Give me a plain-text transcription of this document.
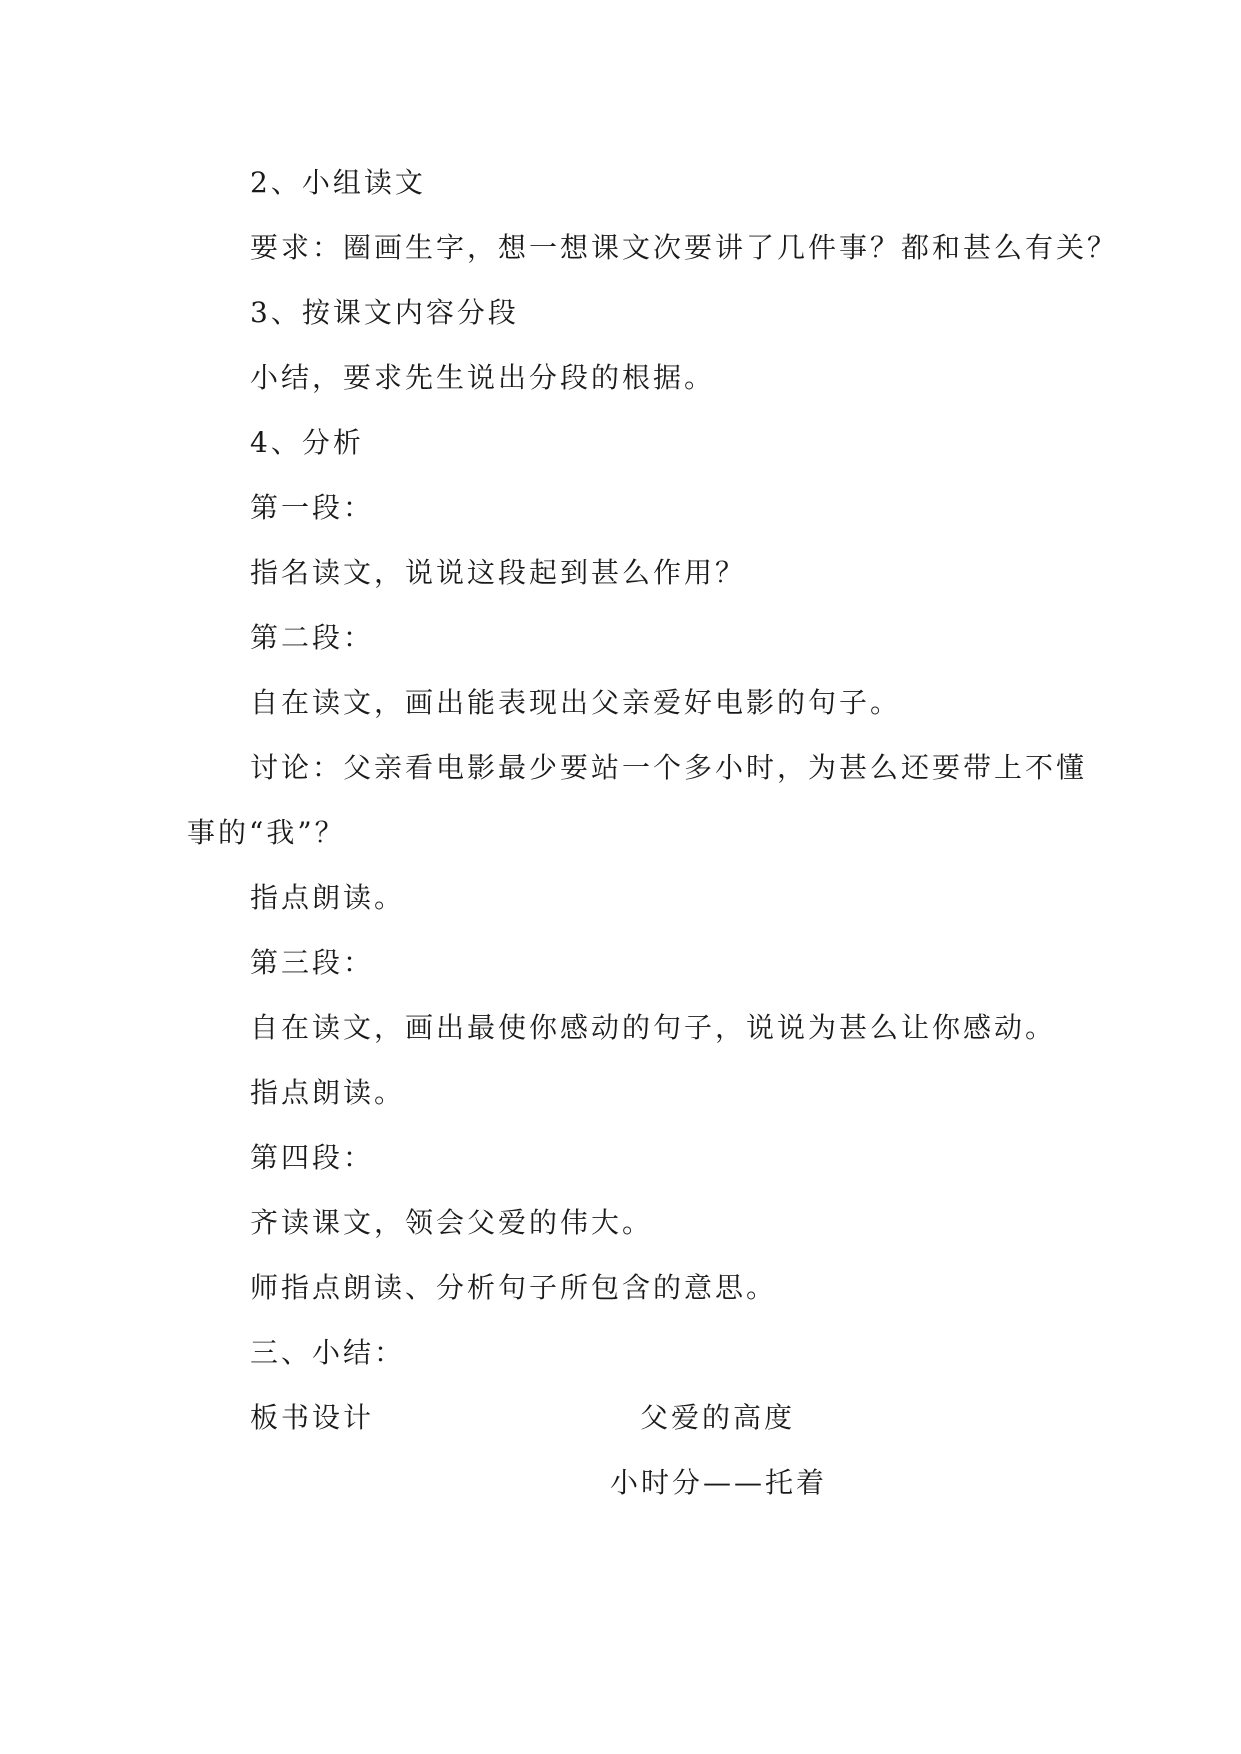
2、小组读文
要求：圈画生字，想一想课文次要讲了几件事？都和甚么有关？
3、按课文内容分段
小结，要求先生说出分段的根据。
4、分析
第一段：
指名读文，说说这段起到甚么作用？
第二段：
自在读文，画出能表现出父亲爱好电影的句子。
讨论：父亲看电影最少要站一个多小时，为甚么还要带上不懂
事的“我”？
指点朗读。
第三段：
自在读文，画出最使你感动的句子，说说为甚么让你感动。
指点朗读。
第四段：
齐读课文，领会父爱的伟大。
师指点朗读、分析句子所包含的意思。
三、小结：
板书设计	父爱的高度
小时分——托着
